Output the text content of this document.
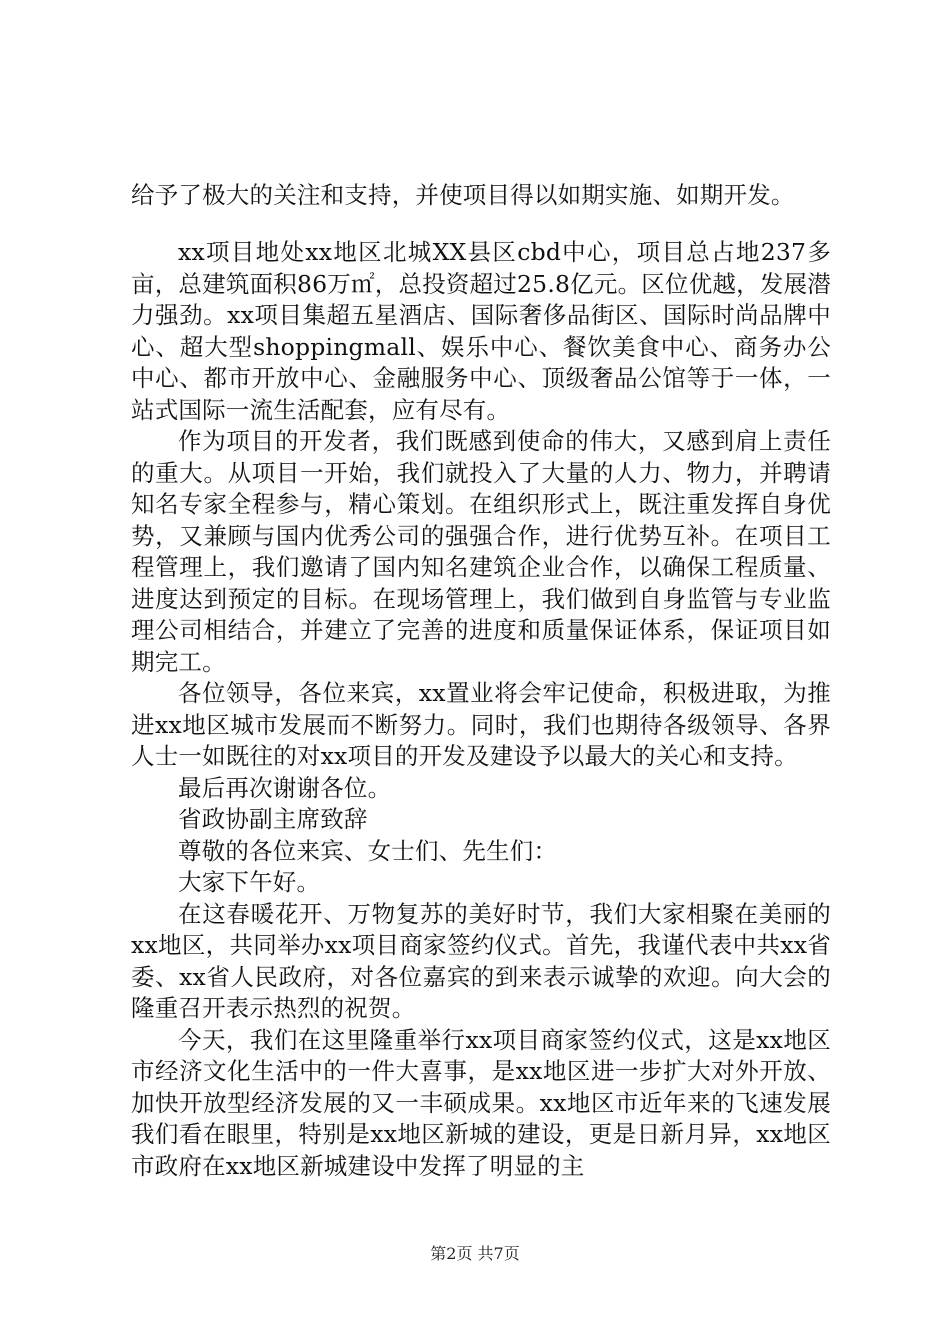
给予了极大的关注和支持，并使项目得以如期实施、如期开发。

xx项目地处xx地区北城XX县区cbd中心，项目总占地237多亩，总建筑面积86万㎡，总投资超过25.8亿元。区位优越，发展潜力强劲。xx项目集超五星酒店、国际奢侈品街区、国际时尚品牌中心、超大型shoppingmall、娱乐中心、餐饮美食中心、商务办公中心、都市开放中心、金融服务中心、顶级奢品公馆等于一体，一站式国际一流生活配套，应有尽有。

作为项目的开发者，我们既感到使命的伟大，又感到肩上责任的重大。从项目一开始，我们就投入了大量的人力、物力，并聘请知名专家全程参与，精心策划。在组织形式上，既注重发挥自身优势，又兼顾与国内优秀公司的强强合作，进行优势互补。在项目工程管理上，我们邀请了国内知名建筑企业合作，以确保工程质量、进度达到预定的目标。在现场管理上，我们做到自身监管与专业监理公司相结合，并建立了完善的进度和质量保证体系，保证项目如期完工。

各位领导，各位来宾，xx置业将会牢记使命，积极进取，为推进xx地区城市发展而不断努力。同时，我们也期待各级领导、各界人士一如既往的对xx项目的开发及建设予以最大的关心和支持。

最后再次谢谢各位。

省政协副主席致辞

尊敬的各位来宾、女士们、先生们：

大家下午好。

在这春暖花开、万物复苏的美好时节，我们大家相聚在美丽的xx地区，共同举办xx项目商家签约仪式。首先，我谨代表中共xx省委、xx省人民政府，对各位嘉宾的到来表示诚挚的欢迎。向大会的隆重召开表示热烈的祝贺。

今天，我们在这里隆重举行xx项目商家签约仪式，这是xx地区市经济文化生活中的一件大喜事，是xx地区进一步扩大对外开放、加快开放型经济发展的又一丰硕成果。xx地区市近年来的飞速发展我们看在眼里，特别是xx地区新城的建设，更是日新月异，xx地区市政府在xx地区新城建设中发挥了明显的主

第2页 共7页
